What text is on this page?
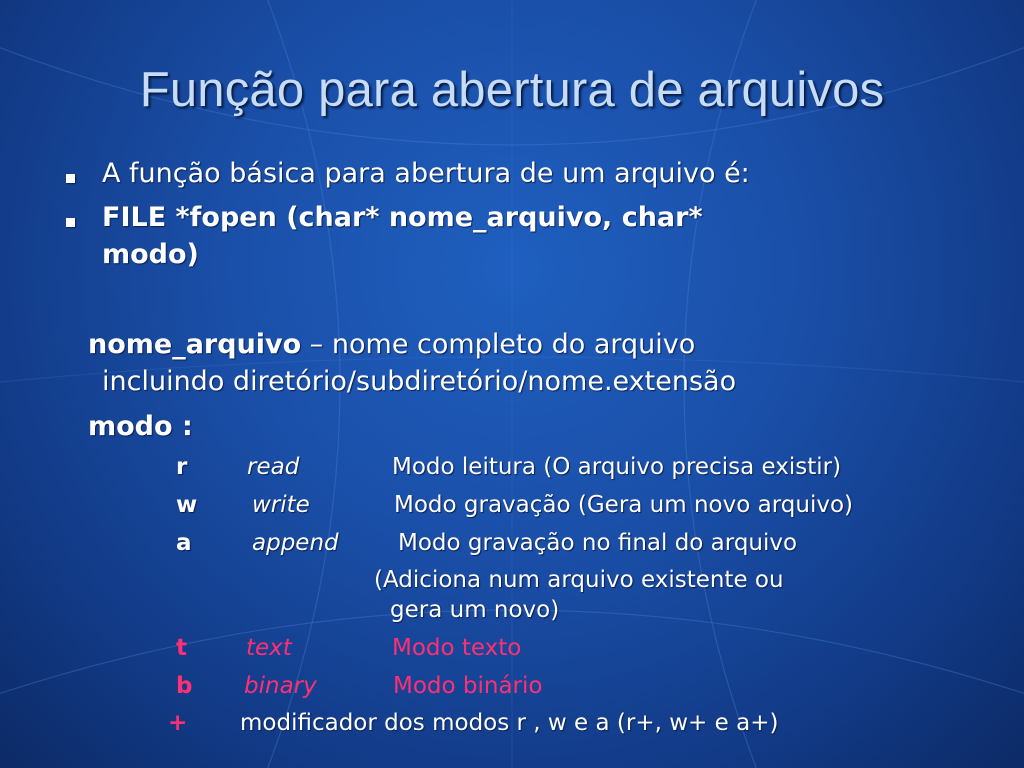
Função para abertura de arquivos
A função básica para abertura de um arquivo é:
FILE *fopen (char* nome_arquivo, char*
modo)
nome_arquivo – nome completo do arquivo
incluindo diretório/subdiretório/nome.extensão
modo :
r	read	Modo leitura (O arquivo precisa existir)
w write	Modo gravação (Gera um novo arquivo)
a	append	Modo gravação no final do arquivo
(Adiciona num arquivo existente ou
gera um novo)
t	text	Modo texto
b binary	Modo binário
+ modificador dos modos r , w e a (r+, w+ e a+)
